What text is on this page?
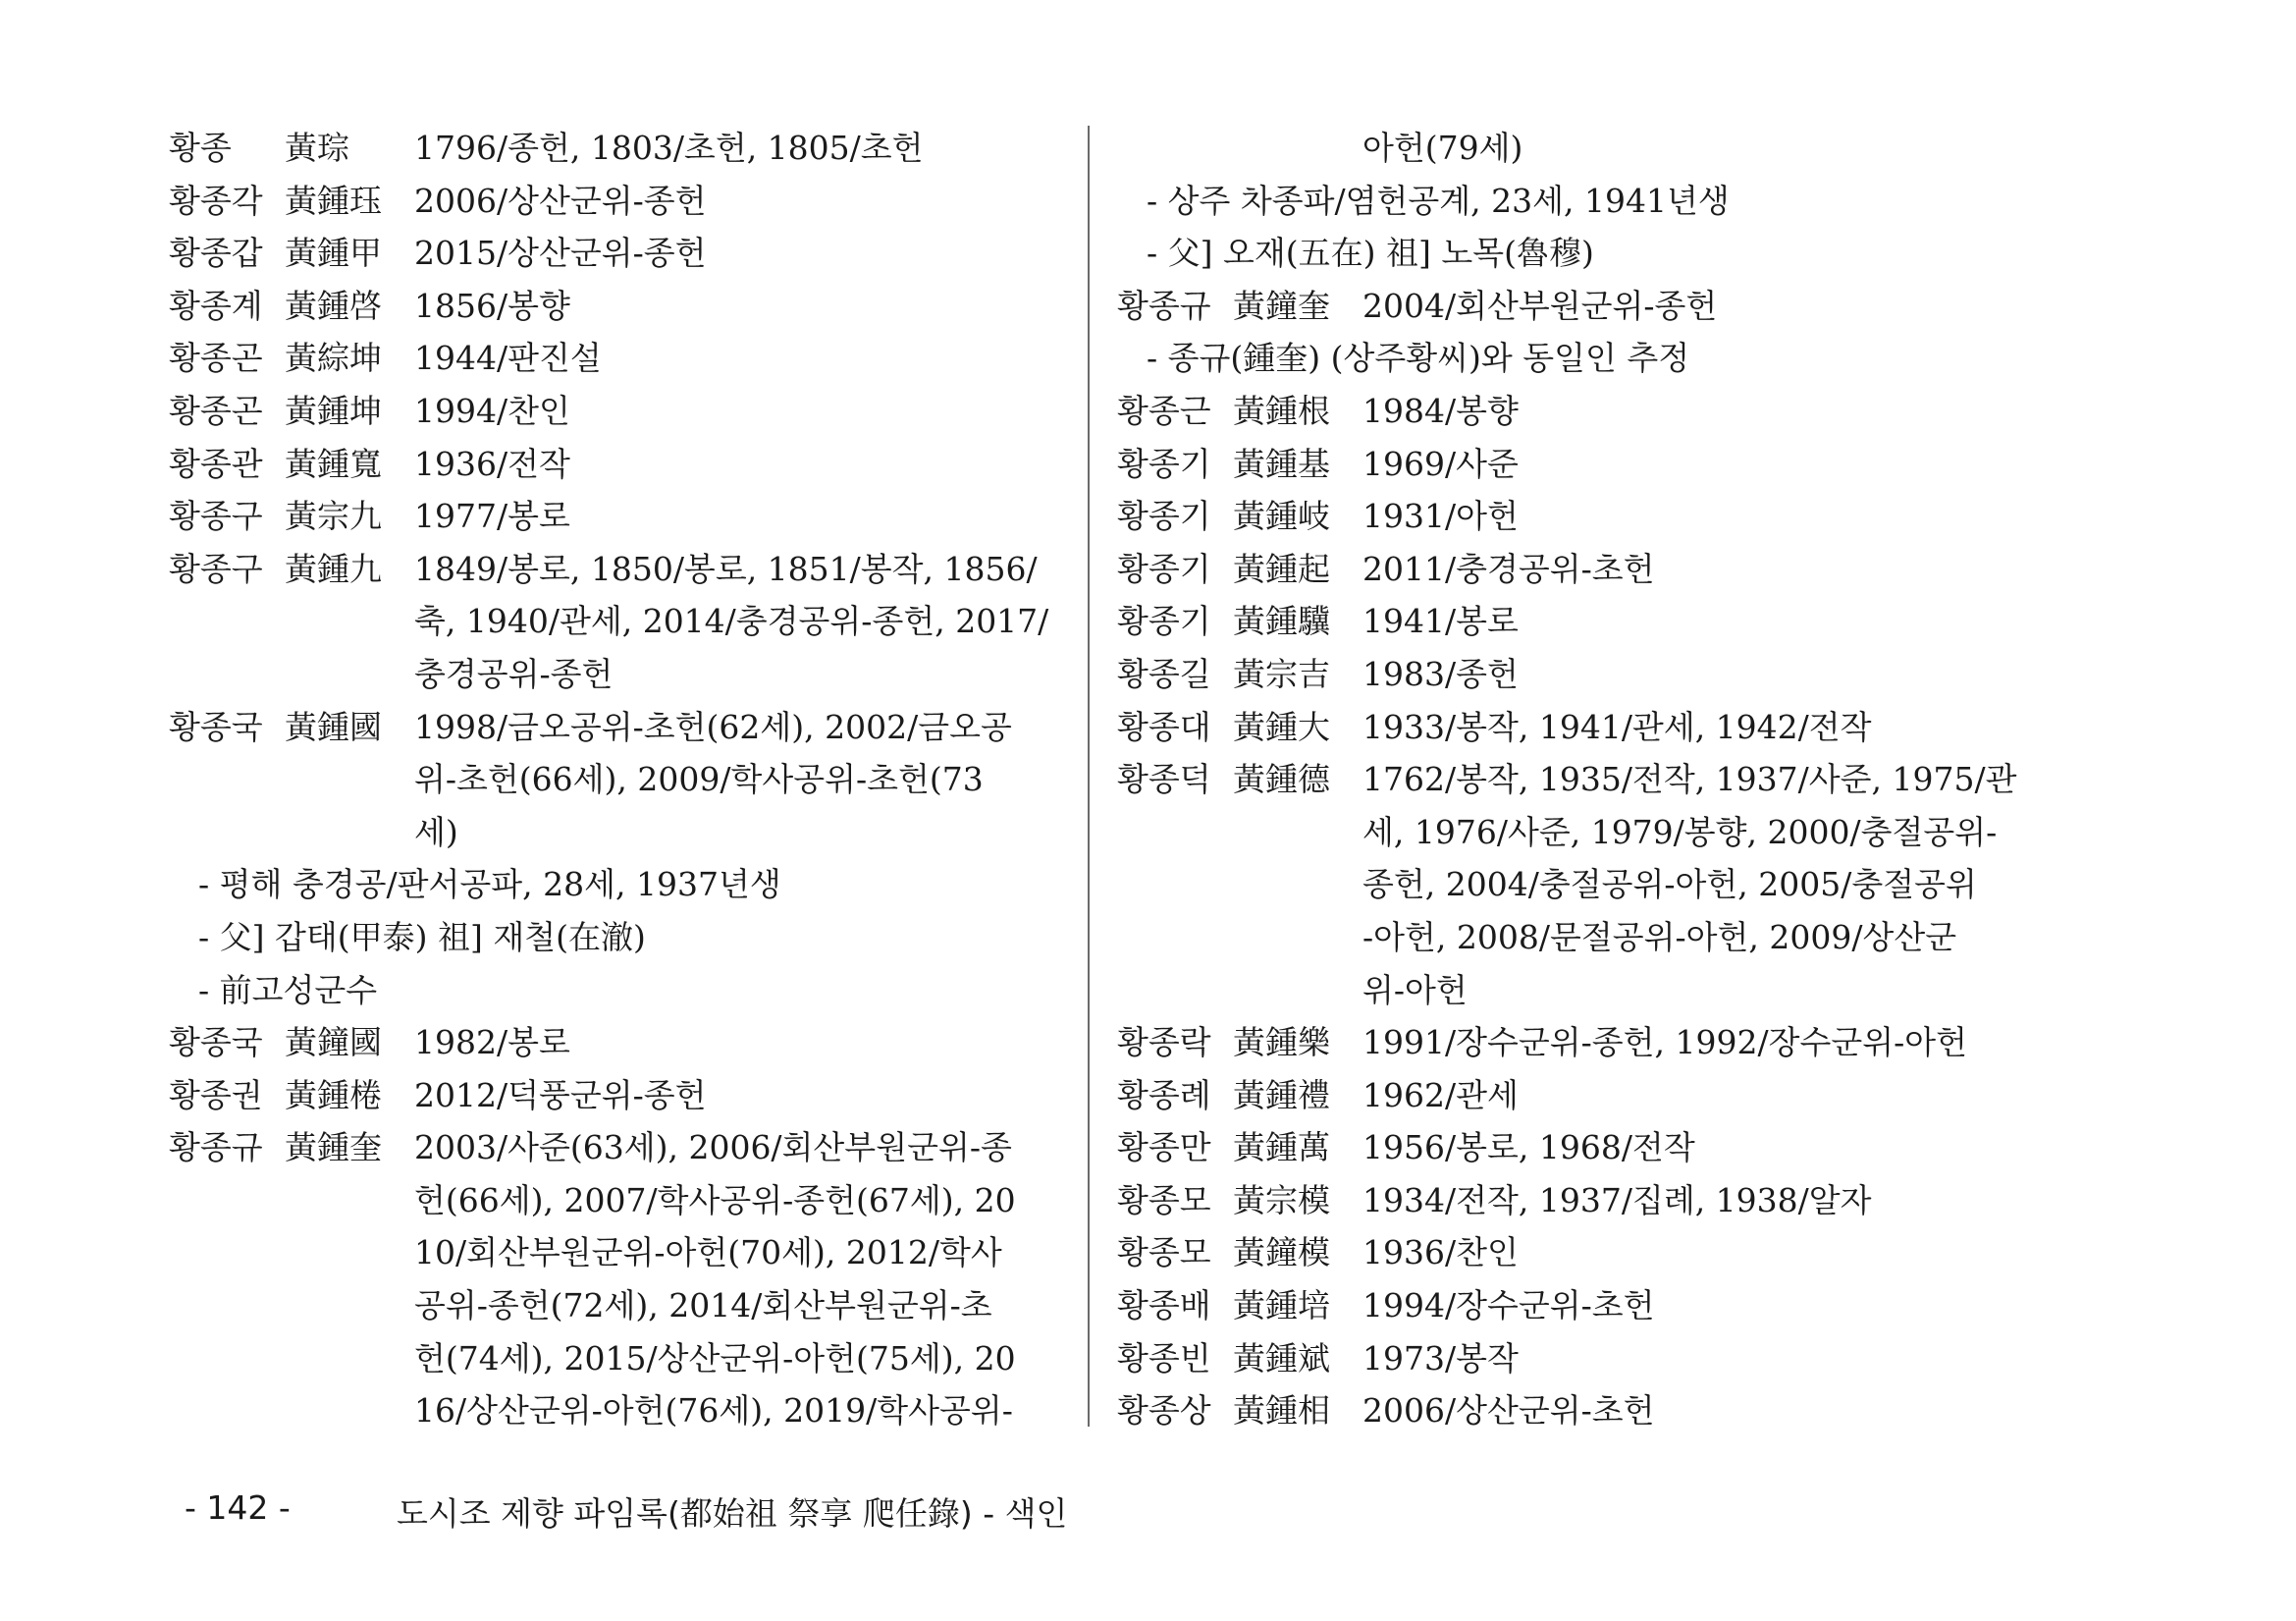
황종 黃琮 1796/종헌, 1803/초헌, 1805/초헌
황종각 黃鍾珏 2006/상산군위-종헌
황종갑 黃鍾甲 2015/상산군위-종헌
황종계 黃鍾啓 1856/봉향
황종곤 黃綜坤 1944/판진설
황종곤 黃鍾坤 1994/찬인
황종관 黃鍾寬 1936/전작
황종구 黃宗九 1977/봉로
황종구 黃鍾九 1849/봉로, 1850/봉로, 1851/봉작, 1856/
축, 1940/관세, 2014/충경공위-종헌, 2017/
충경공위-종헌
황종국 黃鍾國 1998/금오공위-초헌(62세), 2002/금오공
위-초헌(66세), 2009/학사공위-초헌(73
세)
- 평해 충경공/판서공파, 28세, 1937년생
- 父] 갑태(甲泰) 祖] 재철(在澈)
- 前고성군수
황종국 黃鐘國 1982/봉로
황종권 黃鍾棬 2012/덕풍군위-종헌
황종규 黃鍾奎 2003/사준(63세), 2006/회산부원군위-종
헌(66세), 2007/학사공위-종헌(67세), 20
10/회산부원군위-아헌(70세), 2012/학사
공위-종헌(72세), 2014/회산부원군위-초
헌(74세), 2015/상산군위-아헌(75세), 20
16/상산군위-아헌(76세), 2019/학사공위-
아헌(79세)
- 상주 차종파/염헌공계, 23세, 1941년생
- 父] 오재(五在) 祖] 노목(魯穆)
황종규 黃鐘奎 2004/회산부원군위-종헌
- 종규(鍾奎) (상주황씨)와 동일인 추정
황종근 黃鍾根 1984/봉향
황종기 黃鍾基 1969/사준
황종기 黃鍾岐 1931/아헌
황종기 黃鍾起 2011/충경공위-초헌
황종기 黃鍾驥 1941/봉로
황종길 黃宗吉 1983/종헌
황종대 黃鍾大 1933/봉작, 1941/관세, 1942/전작
황종덕 黃鍾德 1762/봉작, 1935/전작, 1937/사준, 1975/관
세, 1976/사준, 1979/봉향, 2000/충절공위-
종헌, 2004/충절공위-아헌, 2005/충절공위
-아헌, 2008/문절공위-아헌, 2009/상산군
위-아헌
황종락 黃鍾樂 1991/장수군위-종헌, 1992/장수군위-아헌
황종례 黃鍾禮 1962/관세
황종만 黃鍾萬 1956/봉로, 1968/전작
황종모 黃宗模 1934/전작, 1937/집례, 1938/알자
황종모 黃鐘模 1936/찬인
황종배 黃鍾培 1994/장수군위-초헌
황종빈 黃鍾斌 1973/봉작
황종상 黃鍾相 2006/상산군위-초헌
- 142 -	도시조 제향 파임록(都始祖 祭享 爬任錄) - 색인
